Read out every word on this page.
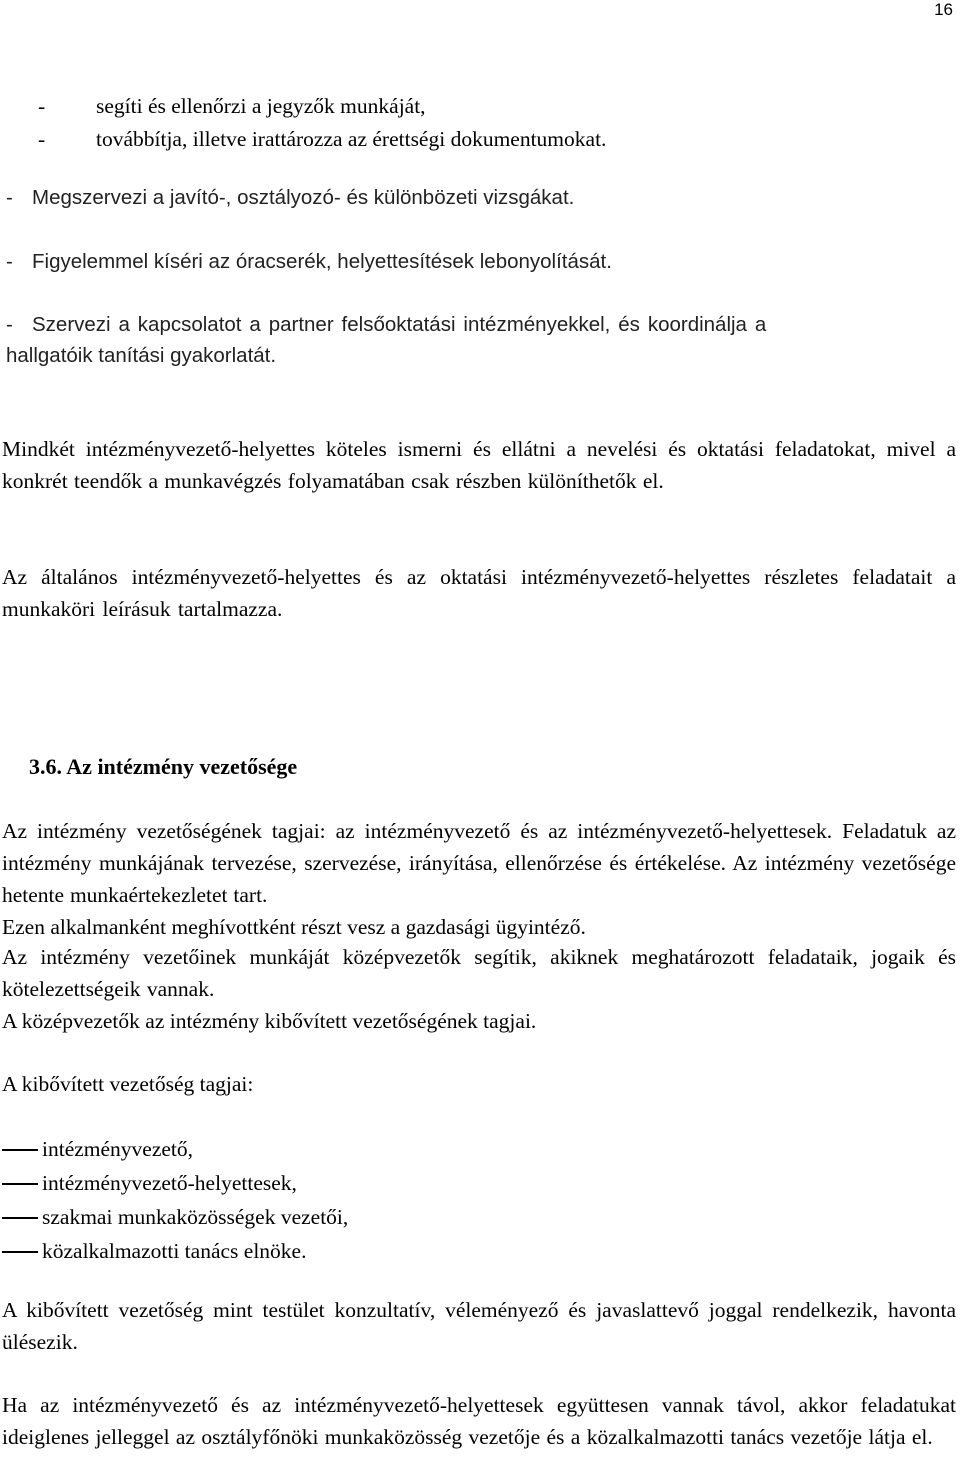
16
-	segíti és ellenőrzi a jegyzők munkáját,
-	továbbítja, illetve irattározza az érettségi dokumentumokat.
- Megszervezi a javító-, osztályozó- és különbözeti vizsgákat.
- Figyelemmel kíséri az óracserék, helyettesítések lebonyolítását.
- Szervezi a kapcsolatot a partner felsőoktatási intézményekkel, és koordinálja a
hallgatóik tanítási gyakorlatát.

Mindkét intézményvezető-helyettes köteles ismerni és ellátni a nevelési és oktatási feladatokat, mivel a konkrét teendők a munkavégzés folyamatában csak részben különíthetők el.

Az általános intézményvezető-helyettes és az oktatási intézményvezető-helyettes részletes feladatait a munkaköri leírásuk tartalmazza.

3.6. Az intézmény vezetősége

Az intézmény vezetőségének tagjai: az intézményvezető és az intézményvezető-helyettesek. Feladatuk az intézmény munkájának tervezése, szervezése, irányítása, ellenőrzése és értékelése. Az intézmény vezetősége hetente munkaértekezletet tart.

Ezen alkalmanként meghívottként részt vesz a gazdasági ügyintéző.

Az intézmény vezetőinek munkáját középvezetők segítik, akiknek meghatározott feladataik, jogaik és kötelezettségeik vannak.

A középvezetők az intézmény kibővített vezetőségének tagjai.

A kibővített vezetőség tagjai:

intézményvezető,
intézményvezető-helyettesek,
szakmai munkaközösségek vezetői,
közalkalmazotti tanács elnöke.

A kibővített vezetőség mint testület konzultatív, véleményező és javaslattevő joggal rendelkezik, havonta ülésezik.

Ha az intézményvezető és az intézményvezető-helyettesek együttesen vannak távol, akkor feladatukat ideiglenes jelleggel az osztályfőnöki munkaközösség vezetője és a közalkalmazotti tanács vezetője látja el.
